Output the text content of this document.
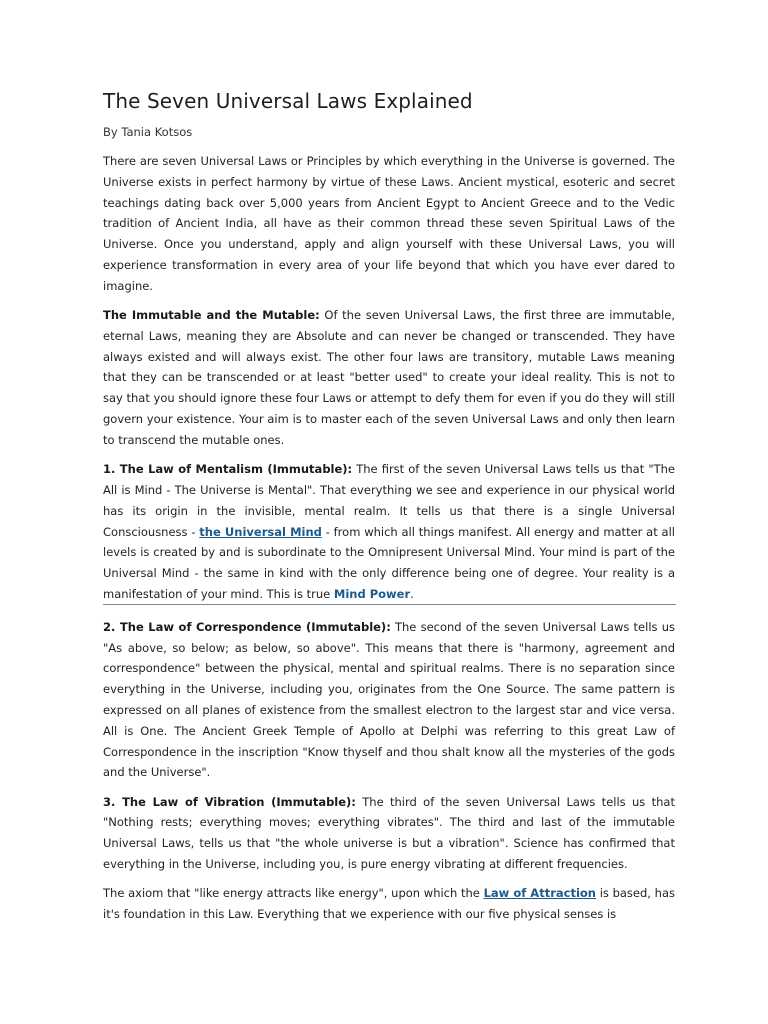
The Seven Universal Laws Explained
By Tania Kotsos

There are seven Universal Laws or Principles by which everything in the Universe is governed. The Universe exists in perfect harmony by virtue of these Laws. Ancient mystical, esoteric and secret teachings dating back over 5,000 years from Ancient Egypt to Ancient Greece and to the Vedic tradition of Ancient India, all have as their common thread these seven Spiritual Laws of the Universe. Once you understand, apply and align yourself with these Universal Laws, you will experience transformation in every area of your life beyond that which you have ever dared to imagine.

The Immutable and the Mutable: Of the seven Universal Laws, the first three are immutable, eternal Laws, meaning they are Absolute and can never be changed or transcended. They have always existed and will always exist. The other four laws are transitory, mutable Laws meaning that they can be transcended or at least "better used" to create your ideal reality. This is not to say that you should ignore these four Laws or attempt to defy them for even if you do they will still govern your existence. Your aim is to master each of the seven Universal Laws and only then learn to transcend the mutable ones.

1. The Law of Mentalism (Immutable): The first of the seven Universal Laws tells us that "The All is Mind - The Universe is Mental". That everything we see and experience in our physical world has its origin in the invisible, mental realm. It tells us that there is a single Universal Consciousness - the Universal Mind - from which all things manifest. All energy and matter at all levels is created by and is subordinate to the Omnipresent Universal Mind. Your mind is part of the Universal Mind - the same in kind with the only difference being one of degree. Your reality is a manifestation of your mind. This is true Mind Power.

2. The Law of Correspondence (Immutable): The second of the seven Universal Laws tells us "As above, so below; as below, so above". This means that there is "harmony, agreement and correspondence" between the physical, mental and spiritual realms. There is no separation since everything in the Universe, including you, originates from the One Source. The same pattern is expressed on all planes of existence from the smallest electron to the largest star and vice versa. All is One. The Ancient Greek Temple of Apollo at Delphi was referring to this great Law of Correspondence in the inscription "Know thyself and thou shalt know all the mysteries of the gods and the Universe".

3. The Law of Vibration (Immutable): The third of the seven Universal Laws tells us that "Nothing rests; everything moves; everything vibrates". The third and last of the immutable Universal Laws, tells us that "the whole universe is but a vibration". Science has confirmed that everything in the Universe, including you, is pure energy vibrating at different frequencies.

The axiom that "like energy attracts like energy", upon which the Law of Attraction is based, has it's foundation in this Law. Everything that we experience with our five physical senses is
